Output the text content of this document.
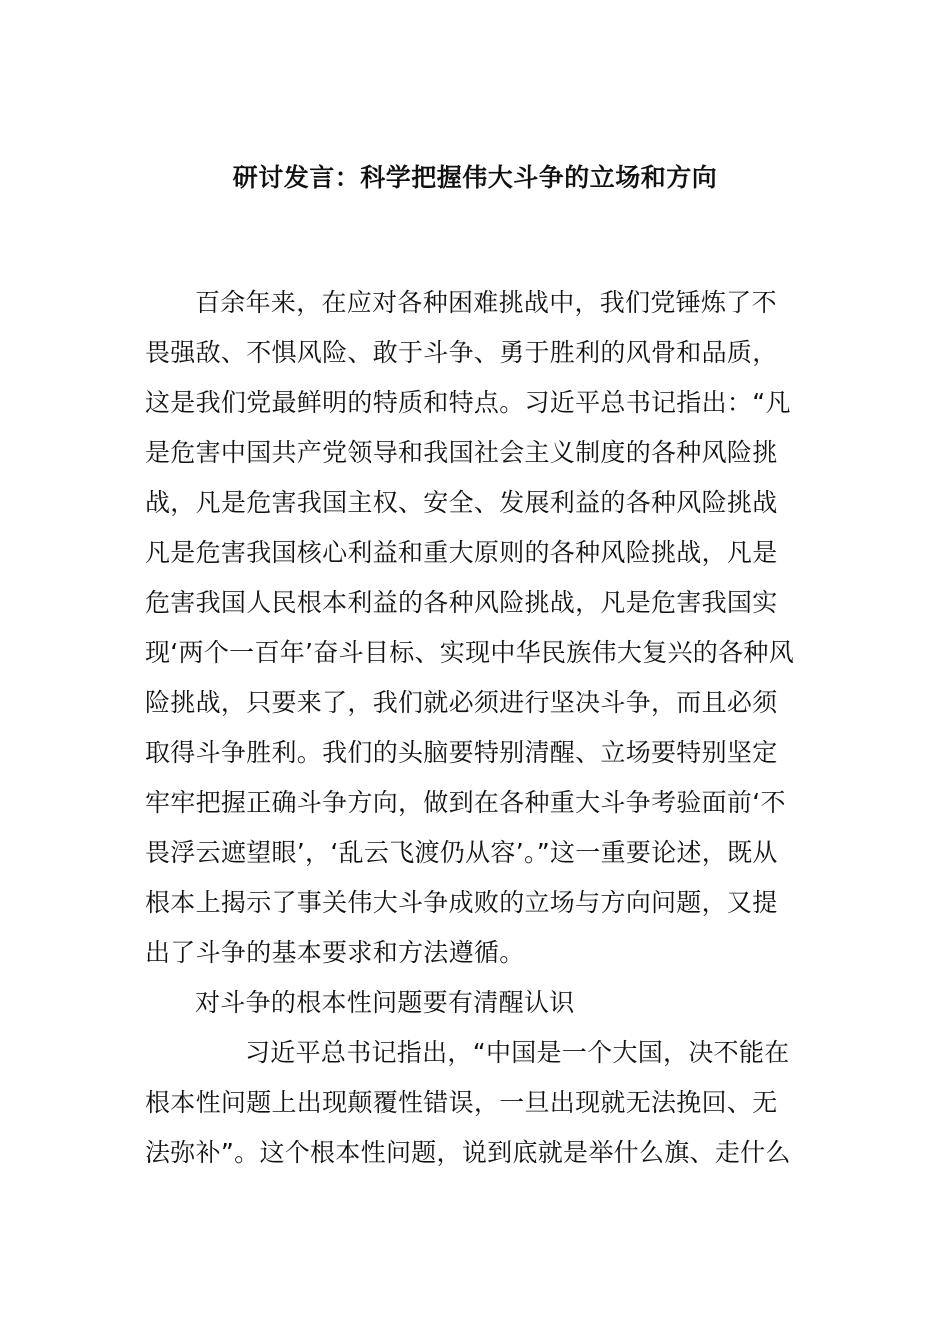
研讨发言：科学把握伟大斗争的立场和方向
百余年来，在应对各种困难挑战中，我们党锤炼了不
畏强敌、不惧风险、敢于斗争、勇于胜利的风骨和品质，
这是我们党最鲜明的特质和特点。习近平总书记指出：“凡
是危害中国共产党领导和我国社会主义制度的各种风险挑
战，凡是危害我国主权、安全、发展利益的各种风险挑战
凡是危害我国核心利益和重大原则的各种风险挑战，凡是
危害我国人民根本利益的各种风险挑战，凡是危害我国实
现‘两个一百年’奋斗目标、实现中华民族伟大复兴的各种风
险挑战，只要来了，我们就必须进行坚决斗争，而且必须
取得斗争胜利。我们的头脑要特别清醒、立场要特别坚定
牢牢把握正确斗争方向，做到在各种重大斗争考验面前‘不
畏浮云遮望眼’，‘乱云飞渡仍从容’。”这一重要论述，既从
根本上揭示了事关伟大斗争成败的立场与方向问题，又提
出了斗争的基本要求和方法遵循。
对斗争的根本性问题要有清醒认识
习近平总书记指出，“中国是一个大国，决不能在
根本性问题上出现颠覆性错误，一旦出现就无法挽回、无
法弥补”。这个根本性问题，说到底就是举什么旗、走什么
